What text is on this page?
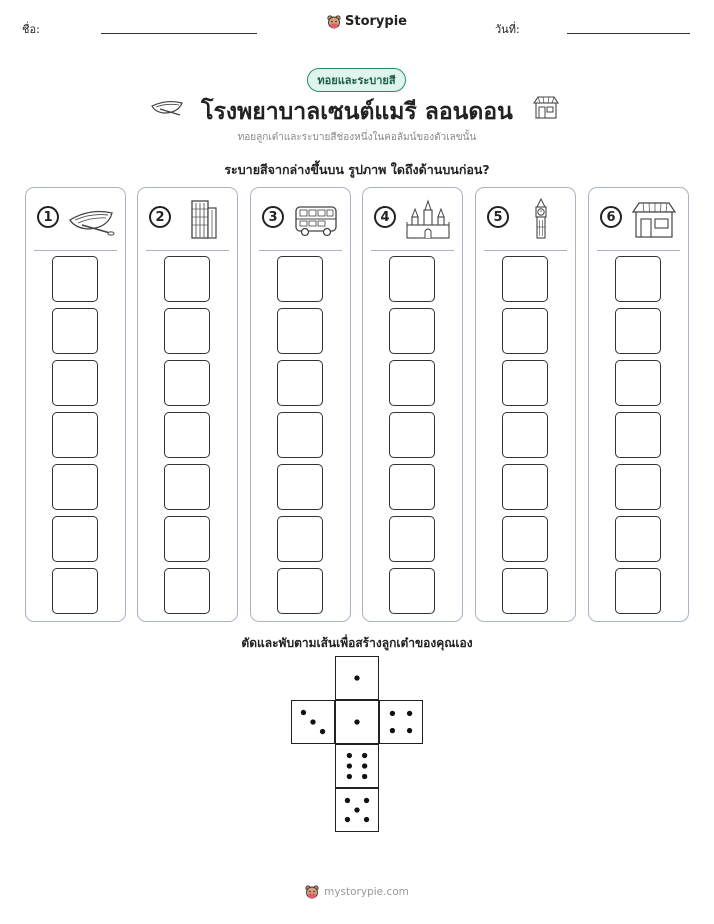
ชื่อ:
Storypie
วันที่:
ทอยและระบายสี
โรงพยาบาลเซนต์แมรี ลอนดอน
ทอยลูกเต๋าและระบายสีช่องหนึ่งในคอลัมน์ของตัวเลขนั้น
ระบายสีจากล่างขึ้นบน รูปภาพ ใดถึงด้านบนก่อน?
1	2	3	4	5	6
ตัดและพับตามเส้นเพื่อสร้างลูกเต๋าของคุณเอง
mystorypie.com
